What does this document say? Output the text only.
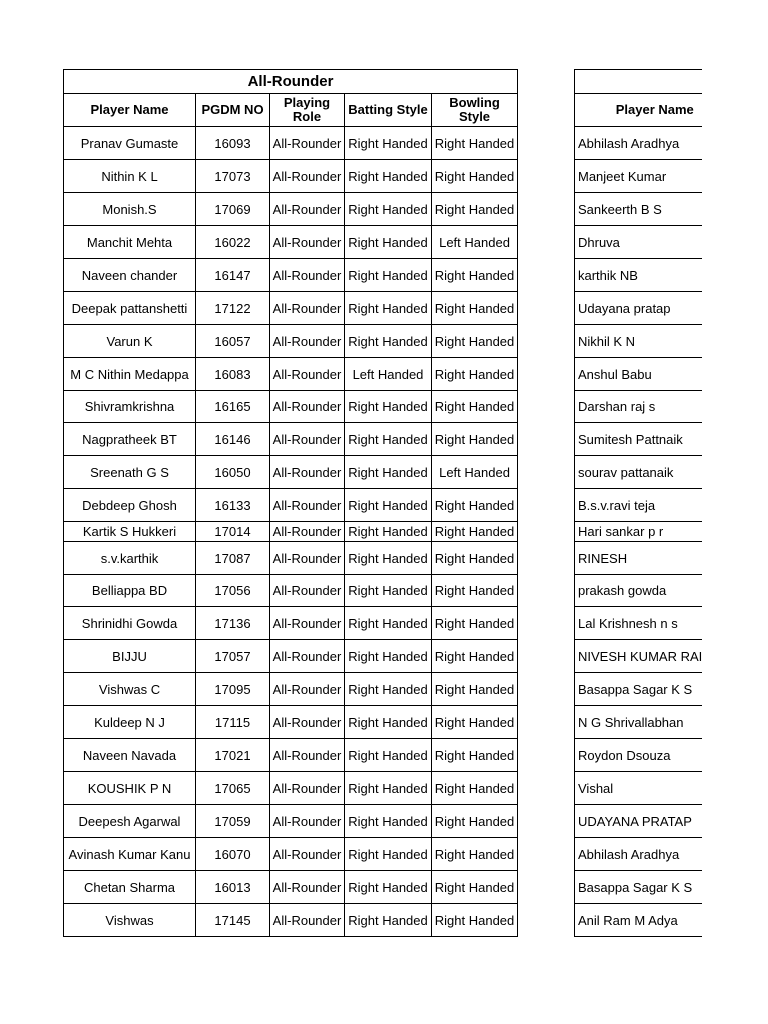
All-Rounder				
Player Name	PGDM NO	Playing Role	Batting Style	Bowling Style
Pranav Gumaste	16093	All-Rounder	Right Handed	Right Handed
Nithin K L	17073	All-Rounder	Right Handed	Right Handed
Monish.S	17069	All-Rounder	Right Handed	Right Handed
Manchit Mehta	16022	All-Rounder	Right Handed	Left Handed
Naveen chander	16147	All-Rounder	Right Handed	Right Handed
Deepak pattanshetti	17122	All-Rounder	Right Handed	Right Handed
Varun K	16057	All-Rounder	Right Handed	Right Handed
M C Nithin Medappa	16083	All-Rounder	Left Handed	Right Handed
Shivramkrishna	16165	All-Rounder	Right Handed	Right Handed
Nagpratheek BT	16146	All-Rounder	Right Handed	Right Handed
Sreenath G S	16050	All-Rounder	Right Handed	Left Handed
Debdeep Ghosh	16133	All-Rounder	Right Handed	Right Handed
Kartik S Hukkeri	17014	All-Rounder	Right Handed	Right Handed
s.v.karthik	17087	All-Rounder	Right Handed	Right Handed
Belliappa BD	17056	All-Rounder	Right Handed	Right Handed
Shrinidhi Gowda	17136	All-Rounder	Right Handed	Right Handed
BIJJU	17057	All-Rounder	Right Handed	Right Handed
Vishwas C	17095	All-Rounder	Right Handed	Right Handed
Kuldeep N J	17115	All-Rounder	Right Handed	Right Handed
Naveen Navada	17021	All-Rounder	Right Handed	Right Handed
KOUSHIK P N	17065	All-Rounder	Right Handed	Right Handed
Deepesh Agarwal	17059	All-Rounder	Right Handed	Right Handed
Avinash Kumar Kanu	16070	All-Rounder	Right Handed	Right Handed
Chetan Sharma	16013	All-Rounder	Right Handed	Right Handed
Vishwas	17145	All-Rounder	Right Handed	Right Handed

Player Name
Abhilash Aradhya
Manjeet Kumar
Sankeerth B S
Dhruva
karthik NB
Udayana pratap
Nikhil K N
Anshul Babu
Darshan raj s
Sumitesh Pattnaik
sourav pattanaik
B.s.v.ravi teja
Hari sankar p r
RINESH
prakash gowda
Lal Krishnesh n s
NIVESH KUMAR RAI
Basappa Sagar K S
N G Shrivallabhan
Roydon Dsouza
Vishal
UDAYANA PRATAP
Abhilash Aradhya
Basappa Sagar K S
Anil Ram M Adya
